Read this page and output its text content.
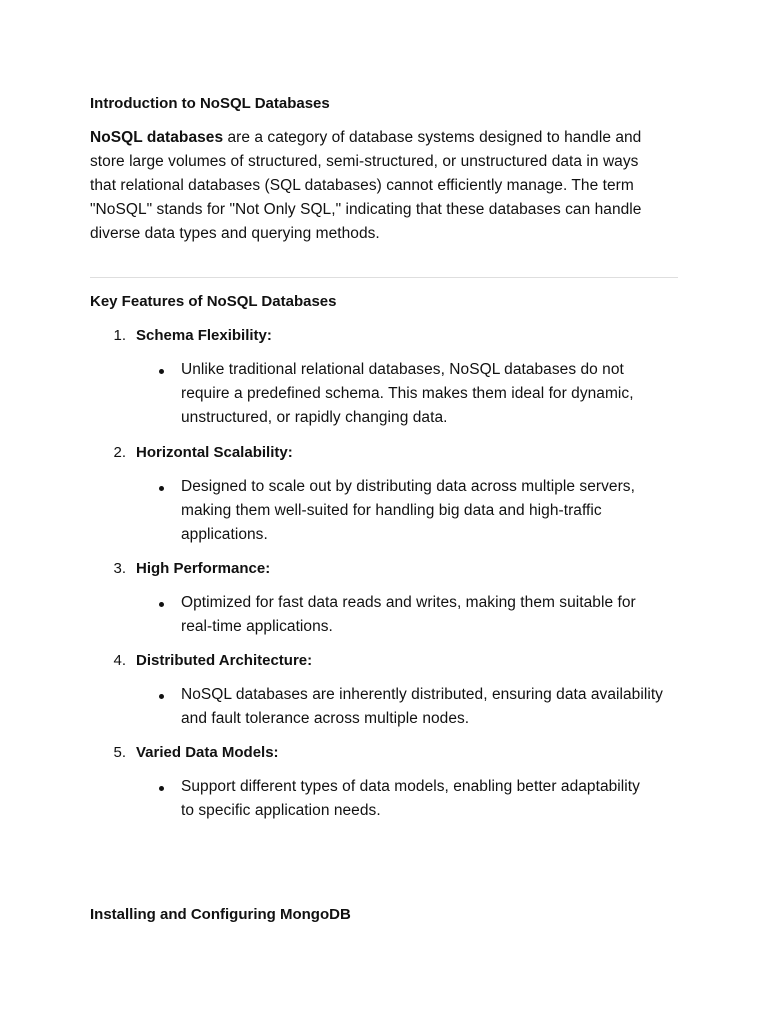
Introduction to NoSQL Databases
NoSQL databases are a category of database systems designed to handle and
store large volumes of structured, semi-structured, or unstructured data in ways
that relational databases (SQL databases) cannot efficiently manage. The term
"NoSQL" stands for "Not Only SQL," indicating that these databases can handle
diverse data types and querying methods.
Key Features of NoSQL Databases
1. Schema Flexibility:
Unlike traditional relational databases, NoSQL databases do not
require a predefined schema. This makes them ideal for dynamic,
unstructured, or rapidly changing data.
2. Horizontal Scalability:
Designed to scale out by distributing data across multiple servers,
making them well-suited for handling big data and high-traffic
applications.
3. High Performance:
Optimized for fast data reads and writes, making them suitable for
real-time applications.
4. Distributed Architecture:
NoSQL databases are inherently distributed, ensuring data availability
and fault tolerance across multiple nodes.
5. Varied Data Models:
Support different types of data models, enabling better adaptability
to specific application needs.
Installing and Configuring MongoDB
